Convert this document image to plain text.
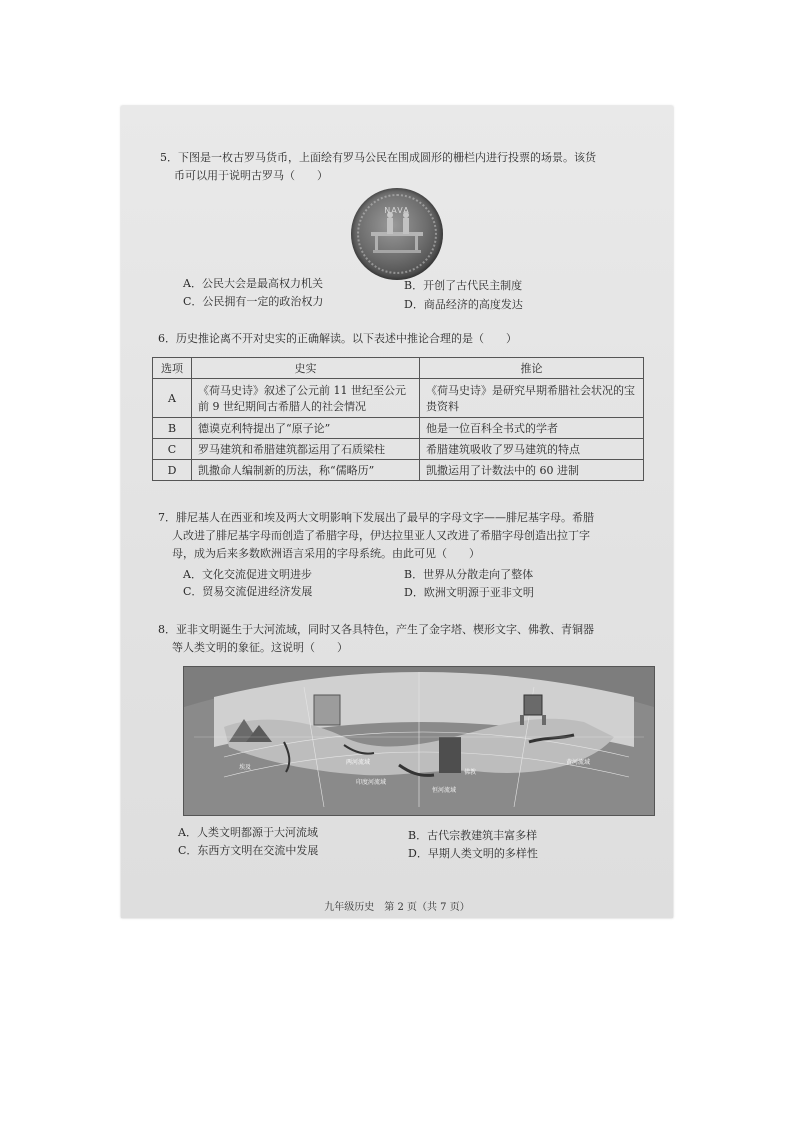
5．下图是一枚古罗马货币，上面绘有罗马公民在围成圆形的栅栏内进行投票的场景。该货
币可以用于说明古罗马（　　）
NAVA
A．公民大会是最高权力机关	B．开创了古代民主制度
C．公民拥有一定的政治权力	D．商品经济的高度发达
6．历史推论离不开对史实的正确解读。以下表述中推论合理的是（　　）
选项	史实	推论
A	《荷马史诗》叙述了公元前 11 世纪至公元前 9 世纪期间古希腊人的社会情况	《荷马史诗》是研究早期希腊社会状况的宝贵资料
B	德谟克利特提出了“原子论”	他是一位百科全书式的学者
C	罗马建筑和希腊建筑都运用了石质梁柱	希腊建筑吸收了罗马建筑的特点
D	凯撒命人编制新的历法，称“儒略历”	凯撒运用了计数法中的 60 进制
7．腓尼基人在西亚和埃及两大文明影响下发展出了最早的字母文字——腓尼基字母。希腊
人改进了腓尼基字母而创造了希腊字母，伊达拉里亚人又改进了希腊字母创造出拉丁字
母，成为后来多数欧洲语言采用的字母系统。由此可见（　　）
A．文化交流促进文明进步	B．世界从分散走向了整体
C．贸易交流促进经济发展	D．欧洲文明源于亚非文明
8．亚非文明诞生于大河流域，同时又各具特色，产生了金字塔、楔形文字、佛教、青铜器
等人类文明的象征。这说明（　　）
埃及
两河流域
印度河流域
恒河流域
黄河流域
佛教
A．人类文明都源于大河流域	B．古代宗教建筑丰富多样
C．东西方文明在交流中发展	D．早期人类文明的多样性
九年级历史　第 2 页（共 7 页）
